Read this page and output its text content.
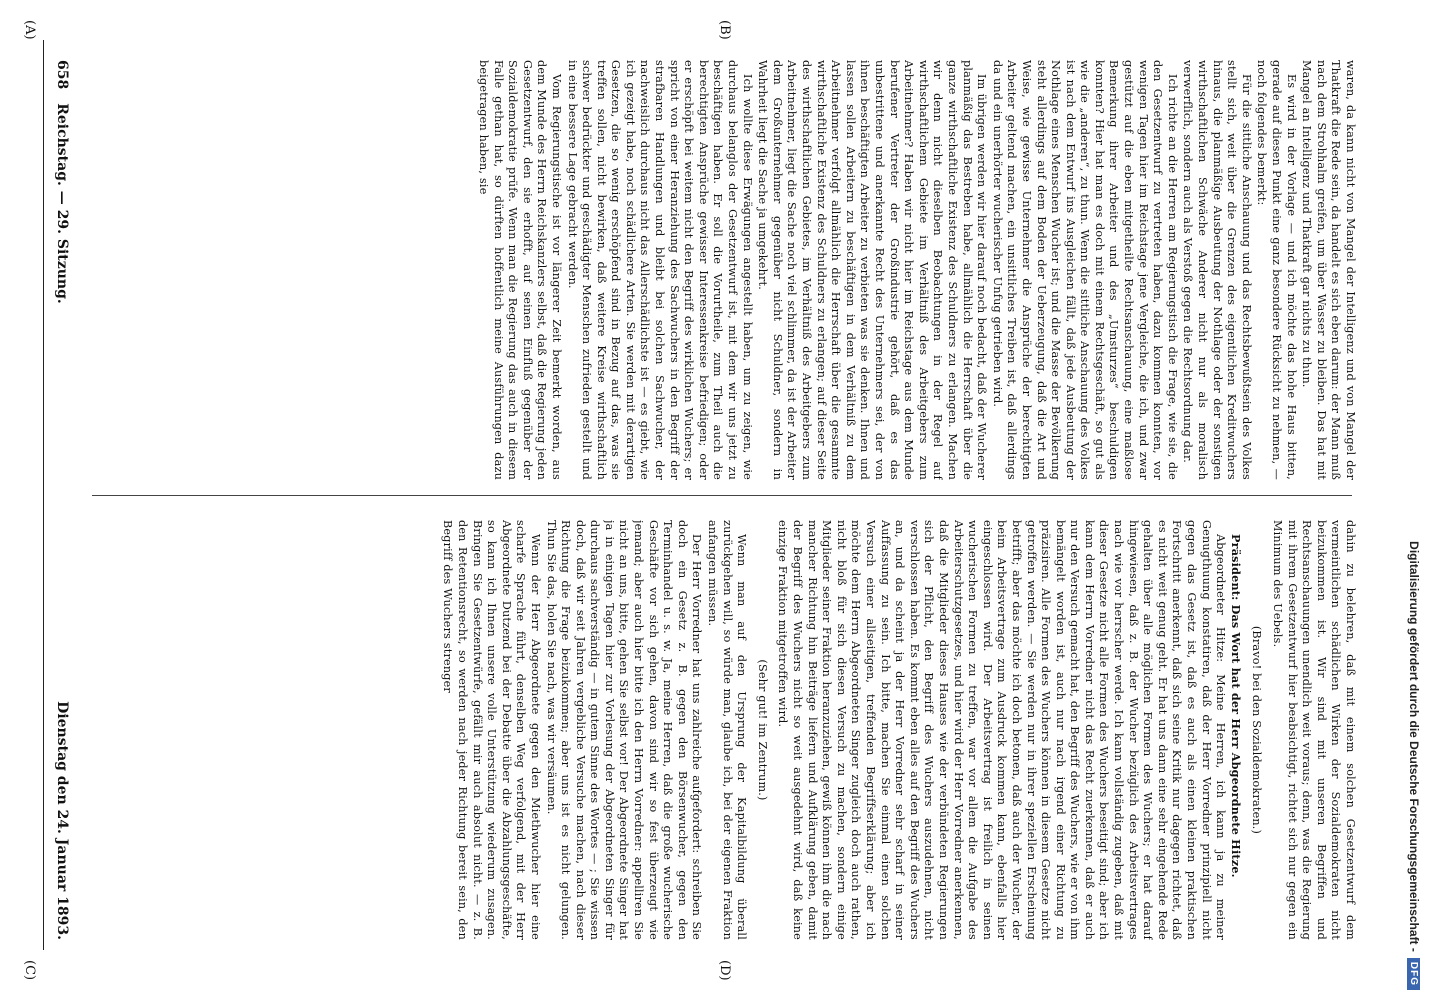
Digitalisierung gefördert durch die Deutsche Forschungsgemeinschaft -
DFG
658
Reichstag. — 29. Sitzung.
Dienstag den 24. Januar 1893.
(A)	(B)
(C)	(D)

waren, da kann nicht von Mangel der Intelligenz und von Mangel der Thatkraft die Rede sein, da handelt es sich eben darum: der Mann muß nach dem Strohhalm greifen, um über Wasser zu bleiben. Das hat mit Mangel an Intelligenz und Thatkraft gar nichts zu thun.

Es wird in der Vorlage — und ich möchte das hohe Haus bitten, gerade auf diesen Punkt eine ganz besondere Rücksicht zu nehmen, — noch folgendes bemerkt:

Für die sittliche Anschauung und das Rechtsbewußtsein des Volkes stellt sich, weit über die Grenzen des eigentlichen Kreditwuchers hinaus, die planmäßige Ausbeutung der Nothlage oder der sonstigen wirthschaftlichen Schwäche Anderer nicht nur als moralisch verwerflich, sondern auch als Verstoß gegen die Rechtsordnung dar.

Ich richte an die Herren am Regierungstisch die Frage, wie sie, die den Gesetzentwurf zu vertreten haben, dazu kommen konnten, vor wenigen Tagen hier im Reichstage jene Vergleiche, die ich, und zwar gestützt auf die eben mitgetheilte Rechtsanschauung, eine maßlose Bemerkung ihrer Arbeiter und des „Umsturzes“ beschuldigen konnten? Hier hat man es doch mit einem Rechtsgeschäft, so gut als wie die „anderen“, zu thun. Wenn die sittliche Anschauung des Volkes ist nach dem Entwurf ins Ausgleichen fällt, daß jede Ausbeutung der Nothlage eines Menschen Wucher ist; und die Masse der Bevölkerung steht allerdings auf dem Boden der Ueberzeugung, daß die Art und Weise, wie gewisse Unternehmer die Ansprüche der berechtigten Arbeiter geltend machen, ein unsittliches Treiben ist, daß allerdings da und ein unerhörter wucherischer Unfug getrieben wird.

Im übrigen werden wir hier darauf noch bedacht, daß der Wucherer planmäßig das Bestreben habe, allmählich die Herrschaft über die ganze wirthschaftliche Existenz des Schuldners zu erlangen. Machen wir denn nicht dieselben Beobachtungen in der Regel auf wirthschaftlichem Gebiete im Verhältniß des Arbeitgebers zum Arbeitnehmer? Haben wir nicht hier im Reichstage aus dem Munde berufener Vertreter der Großindustrie gehört, daß es das unbestrittene und anerkannte Recht des Unternehmers sei, der von ihnen beschäftigten Arbeiter zu verbieten was sie denken. Ihnen und lassen sollen Arbeitern zu beschäftigen in dem Verhältniß zu dem Arbeitnehmer verfolgt allmählich die Herrschaft über die gesammte wirthschaftliche Existenz des Schuldners zu erlangen; auf dieser Seite des wirthschaftlichen Gebietes, im Verhältniß des Arbeitgebers zum Arbeitnehmer, liegt die Sache noch viel schlimmer, da ist der Arbeiter dem Großunternehmer gegenüber nicht Schuldner, sondern in Wahrheit liegt die Sache ja umgekehrt.

Ich wollte diese Erwägungen angestellt haben, um zu zeigen, wie durchaus belanglos der Gesetzentwurf ist, mit dem wir uns jetzt zu beschäftigen haben. Er soll die Vorurtheile, zum Theil auch die berechtigten Ansprüche gewisser Interessenkreise befriedigen; oder er erschöpft bei weitem nicht den Begriff des wirklichen Wuchers; er spricht von einer Heranziehung des Sachwuchers in den Begriff der strafbaren Handlungen und bleibt bei solchen Sachwucher, der nachweislich durchaus nicht das Allerschädlichste ist — es giebt, wie ich gezeigt habe, noch schädlichere Arten. Sie werden mit derartigen Gesetzen, die so wenig erschöpfend sind in Bezug auf das, was sie treffen sollen, nicht bewirken, daß weitere Kreise wirthschaftlich schwer bedrückter und geschädigter Menschen zufrieden gestellt und in eine bessere Lage gebracht werden.

Vom Regierungstische ist vor längerer Zeit bemerkt worden, aus dem Munde des Herrn Reichskanzlers selbst, daß die Regierung jeden Gesetzentwurf, den sie erhofft, auf seinen Einfluß gegenüber der Sozialdemokratie prüfe. Wenn man die Regierung das auch in diesem Falle gethan hat, so dürften hoffentlich meine Ausführungen dazu beigetragen haben, sie

dahin zu belehren, daß mit einem solchen Gesetzentwurf dem vermeintlichen schädlichen Wirken der Sozialdemokraten nicht beizukommen ist. Wir sind mit unseren Begriffen und Rechtsanschauungen unendlich weit voraus; denn, was die Regierung mit ihrem Gesetzentwurf hier beabsichtigt, richtet sich nur gegen ein Minimum des Uebels.

(Bravo! bei den Sozialdemokraten.)

Präsident: Das Wort hat der Herr Abgeordnete Hitze.

Abgeordneter Hitze: Meine Herren, ich kann ja zu meiner Genugthuung konstatiren, daß der Herr Vorredner prinzipiell nicht gegen das Gesetz ist, daß es auch als einen kleinen praktischen Fortschritt anerkennt, daß sich seine Kritik nur dagegen richtet, daß es nicht weit genug geht. Er hat uns dann eine sehr eingehende Rede gehalten über alle möglichen Formen des Wuchers; er hat darauf hingewiesen, daß z. B. der Wucher bezüglich des Arbeitsvertrages nach wie vor herrscher werde. Ich kann vollständig zugeben, daß mit dieser Gesetze nicht alle Formen des Wuchers beseitigt sind; aber ich kann dem Herrn Vorredner nicht das Recht zuerkennen, daß er auch nur den Versuch gemacht hat, den Begriff des Wuchers, wie er von ihm bemängelt worden ist, auch nur nach irgend einer Richtung zu präzisiren. Alle Formen des Wuchers können in diesem Gesetze nicht getroffen werden. — Sie werden nur in ihrer speziellen Erscheinung betrifft; aber das möchte ich doch betonen, daß auch der Wucher, der beim Arbeitsvertrage zum Ausdruck kommen kann, ebenfalls hier eingeschlossen wird. Der Arbeitsvertrag ist freilich in seinen wucherischen Formen zu treffen, war vor allem die Aufgabe des Arbeiterschutzgesetzes, und hier wird der Herr Vorredner anerkennen, daß die Mitglieder dieses Hauses wie der verbündeten Regierungen sich der Pflicht, den Begriff des Wuchers auszudehnen, nicht verschlossen haben. Es kommt eben alles auf den Begriff des Wuchers an, und da scheint ja der Herr Vorredner sehr scharf in seiner Auffassung zu sein. Ich bitte, machen Sie einmal einen solchen Versuch einer allseitigen, treffenden Begriffserklärung; aber ich möchte dem Herrn Abgeordneten Singer zugleich doch auch rathen, nicht bloß für sich diesen Versuch zu machen, sondern einige Mitglieder seiner Fraktion heranzuziehen, gewiß können ihm die nach mancher Richtung hin Beiträge liefern und Aufklärung geben, damit der Begriff des Wuchers nicht so weit ausgedehnt wird, daß keine einzige Fraktion mitgetroffen wird.

(Sehr gut! im Zentrum.)

Wenn man auf den Ursprung der Kapitalbildung überall zurückgehen will, so würde man, glaube ich, bei der eigenen Fraktion anfangen müssen.

Der Herr Vorredner hat uns zahlreiche aufgefordert: schreiben Sie doch ein Gesetz z. B. gegen den Börsenwucher, gegen den Terminhandel u. s. w. Ja, meine Herren, daß die große wucherische Geschäfte vor sich gehen, davon sind wir so fest überzeugt wie jemand; aber auch hier bitte ich den Herrn Vorredner: appelliren Sie nicht an uns, bitte, gehen Sie selbst vor! Der Abgeordnete Singer hat ja in einigen Tagen hier zur Vorlesung der Abgeordneten Singer für durchaus sachverständig — in gutem Sinne des Wortes — ; Sie wissen doch, daß wir seit Jahren vergebliche Versuche machen, nach dieser Richtung die Frage beizukommen; aber uns ist es nicht gelungen. Thun Sie das, holen Sie nach, was wir versäumen.

Wenn der Herr Abgeordnete gegen den Miethwucher hier eine scharfe Sprache führt, denselben Weg verfolgend, mit der Herr Abgeordnete Dutzend bei der Debatte über die Abzahlungsgeschäfte, so kann ich Ihnen unsere volle Unterstützung wiederum zusagen. Bringen Sie Gesetzentwürfe, gefällt mir auch absolut nicht. — z. B. den Retentionsrecht, so werden nach jeder Richtung bereit sein, den Begriff des Wuchers strenger
